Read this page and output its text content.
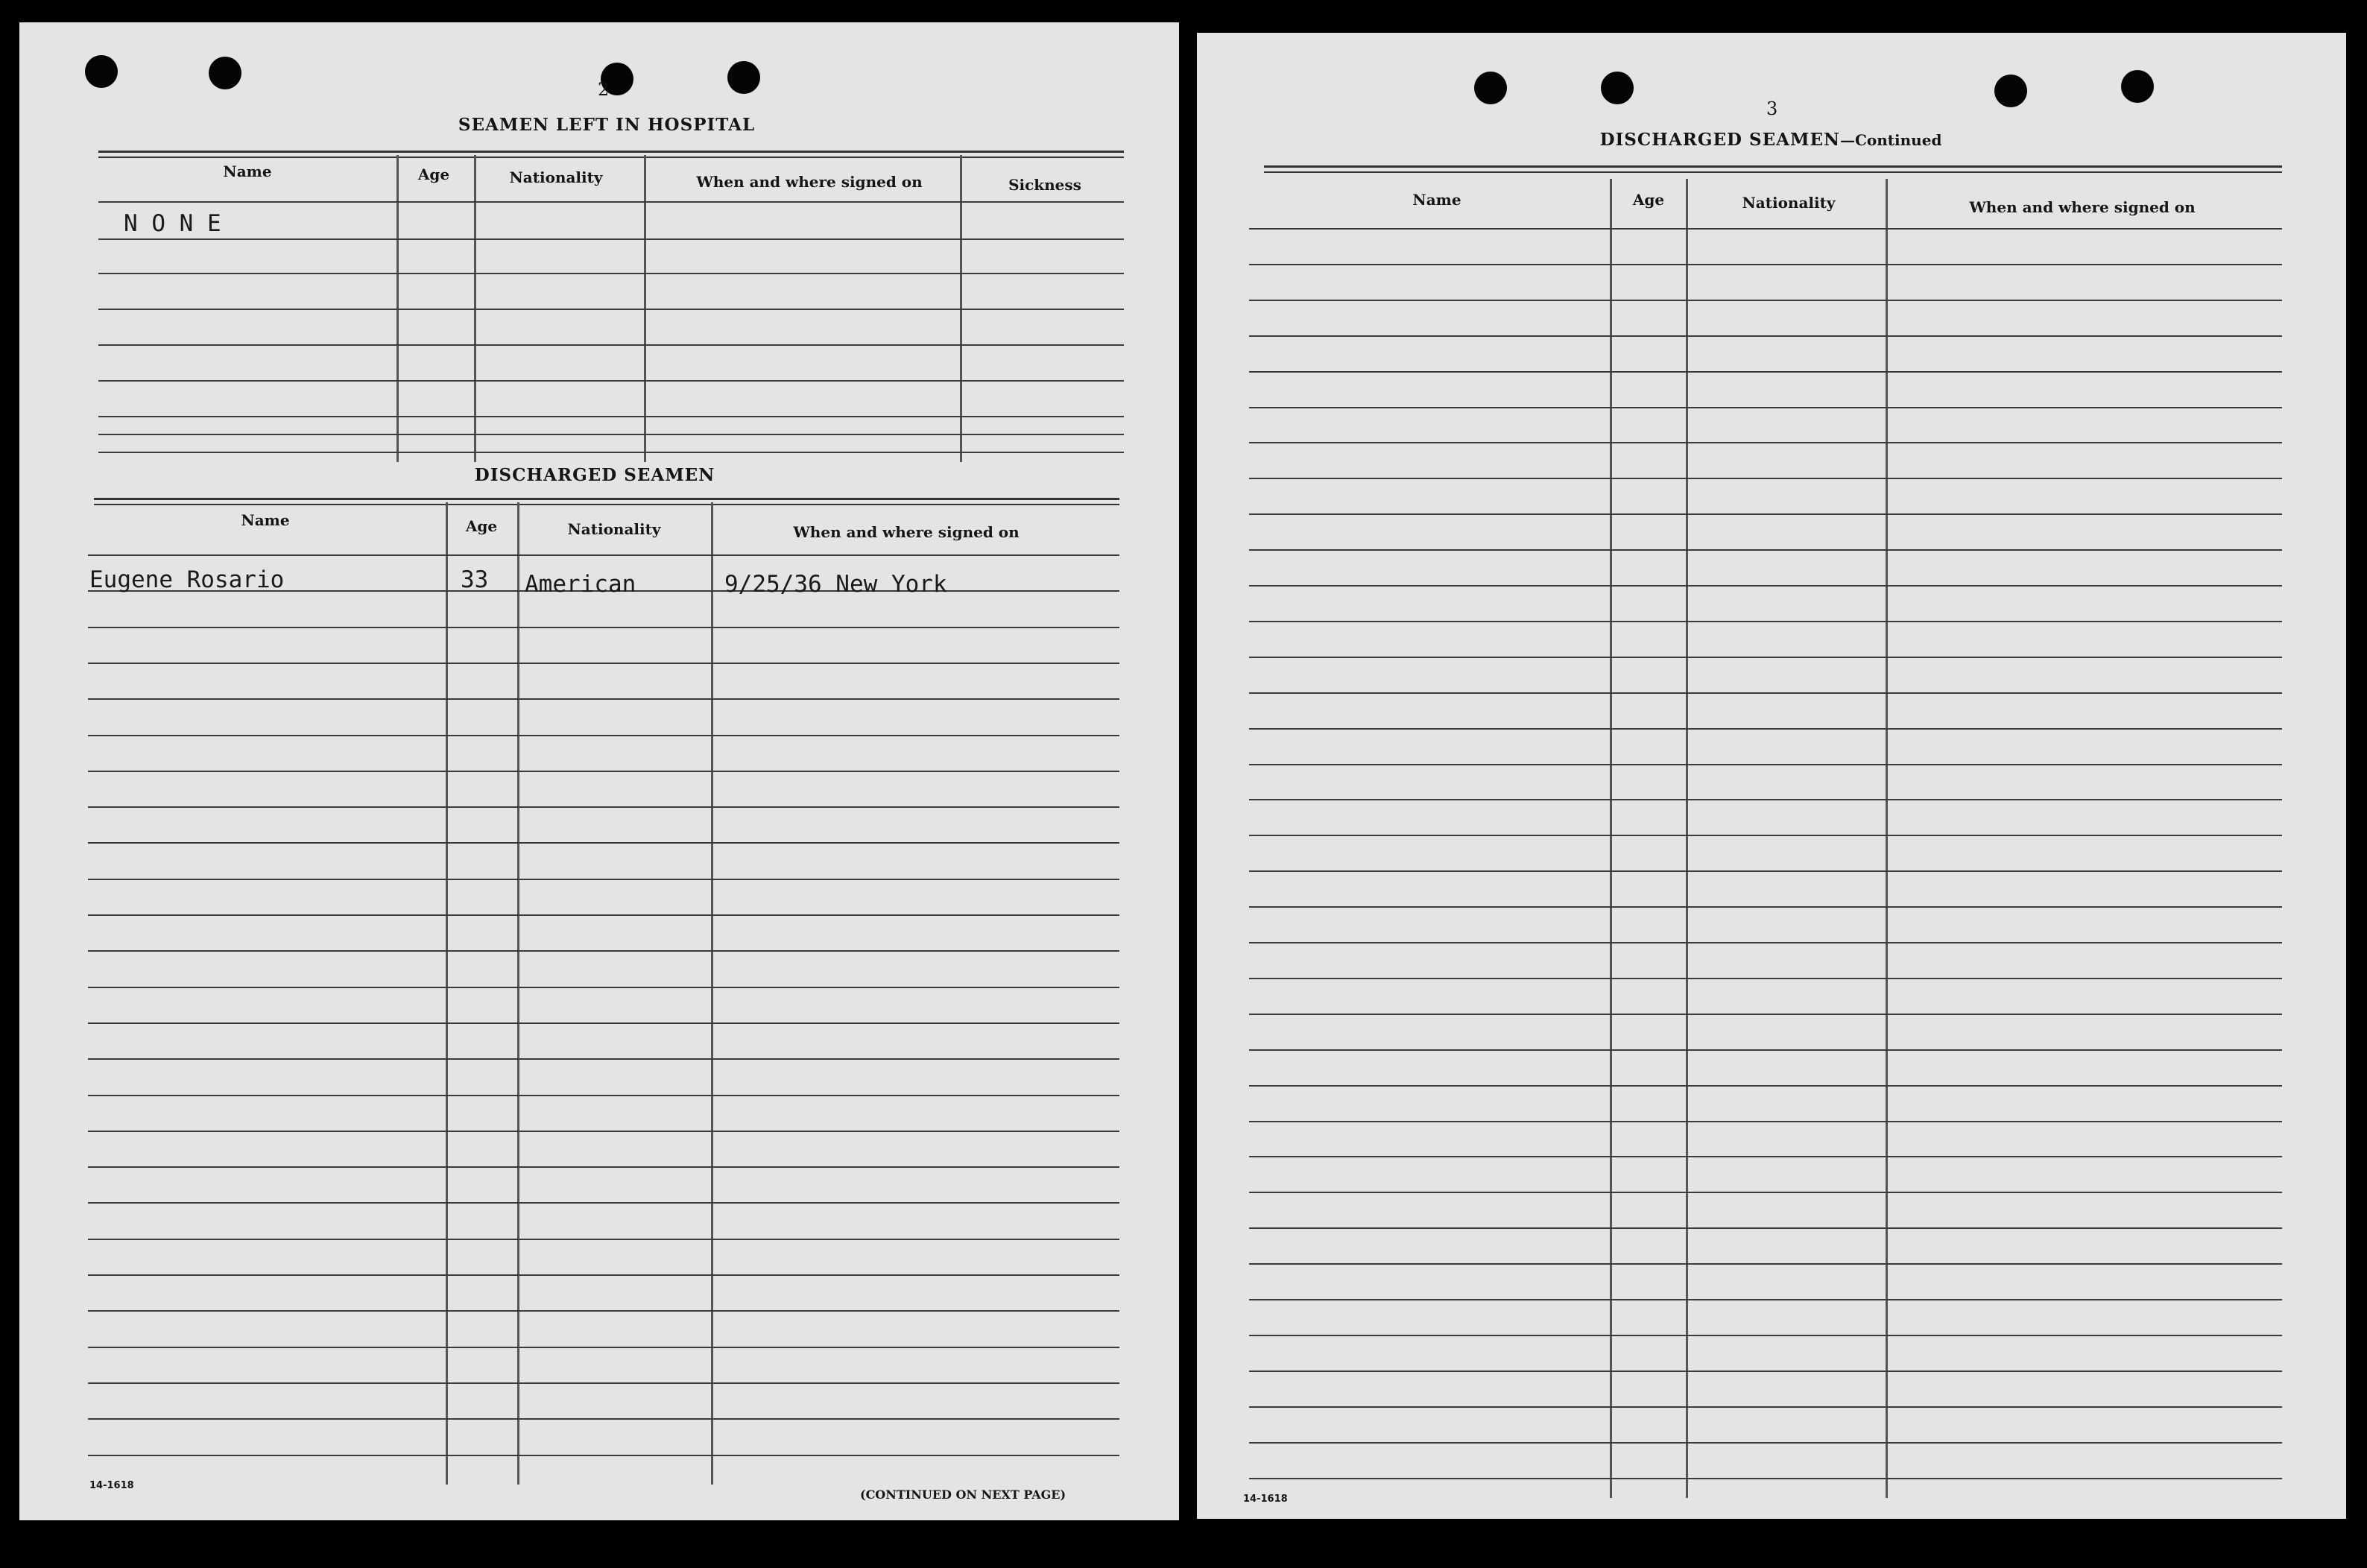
2
SEAMEN LEFT IN HOSPITAL
Name	Age	Nationality	When and where signed on	Sickness
N O N E
DISCHARGED SEAMEN
Name	Age	Nationality	When and where signed on
Eugene Rosario	33 American	9/25/36 New York
14-1618
(CONTINUED ON NEXT PAGE)
3
DISCHARGED SEAMEN—Continued
Name	Age	Nationality	When and where signed on
14-1618
